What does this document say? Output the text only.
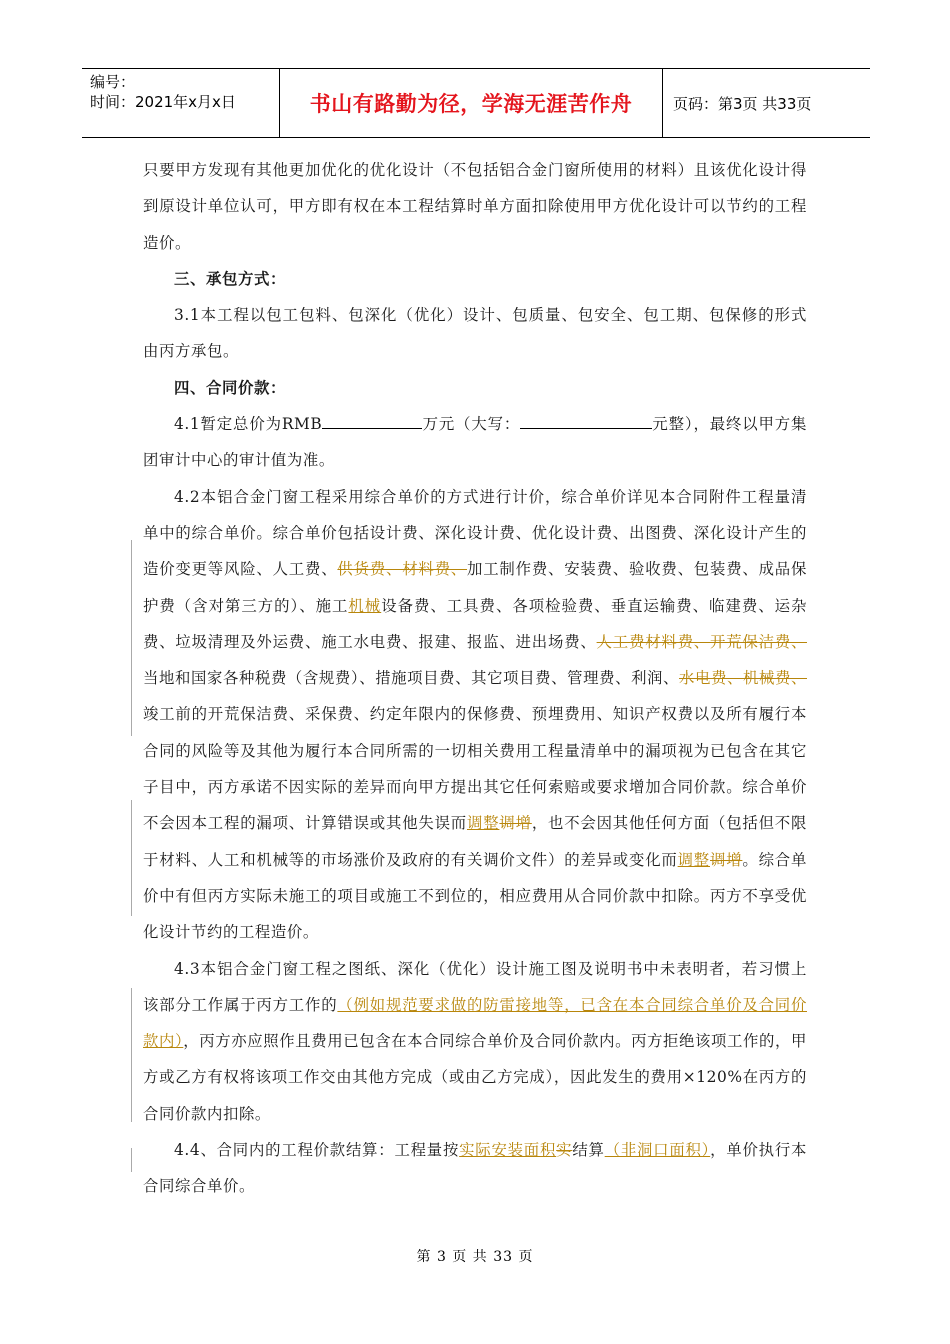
编号：
时间：2021年x月x日	书山有路勤为径，学海无涯苦作舟	页码：第3页 共33页

只要甲方发现有其他更加优化的优化设计（不包括铝合金门窗所使用的材料）且该优化设计得到原设计单位认可，甲方即有权在本工程结算时单方面扣除使用甲方优化设计可以节约的工程造价。

三、承包方式：

3.1本工程以包工包料、包深化（优化）设计、包质量、包安全、包工期、包保修的形式由丙方承包。

四、合同价款：

4.1暂定总价为RMB	万元（大写：	元整），最终以甲方集团审计中心的审计值为准。

4.2本铝合金门窗工程采用综合单价的方式进行计价，综合单价详见本合同附件工程量清单中的综合单价。综合单价包括设计费、深化设计费、优化设计费、出图费、深化设计产生的造价变更等风险、人工费、供货费、材料费、加工制作费、安装费、验收费、包装费、成品保护费（含对第三方的）、施工机械设备费、工具费、各项检验费、垂直运输费、临建费、运杂费、垃圾清理及外运费、施工水电费、报建、报监、进出场费、人工费材料费、开荒保洁费、当地和国家各种税费（含规费）、措施项目费、其它项目费、管理费、利润、水电费、机械费、竣工前的开荒保洁费、采保费、约定年限内的保修费、预埋费用、知识产权费以及所有履行本合同的风险等及其他为履行本合同所需的一切相关费用工程量清单中的漏项视为已包含在其它子目中，丙方承诺不因实际的差异而向甲方提出其它任何索赔或要求增加合同价款。综合单价不会因本工程的漏项、计算错误或其他失误而调整调增，也不会因其他任何方面（包括但不限于材料、人工和机械等的市场涨价及政府的有关调价文件）的差异或变化而调整调增。综合单价中有但丙方实际未施工的项目或施工不到位的，相应费用从合同价款中扣除。丙方不享受优化设计节约的工程造价。

4.3本铝合金门窗工程之图纸、深化（优化）设计施工图及说明书中未表明者，若习惯上该部分工作属于丙方工作的（例如规范要求做的防雷接地等，已含在本合同综合单价及合同价款内），丙方亦应照作且费用已包含在本合同综合单价及合同价款内。丙方拒绝该项工作的，甲方或乙方有权将该项工作交由其他方完成（或由乙方完成），因此发生的费用×120%在丙方的合同价款内扣除。

4.4、合同内的工程价款结算：工程量按实际安装面积实结算（非洞口面积），单价执行本合同综合单价。

第 3 页 共 33 页
